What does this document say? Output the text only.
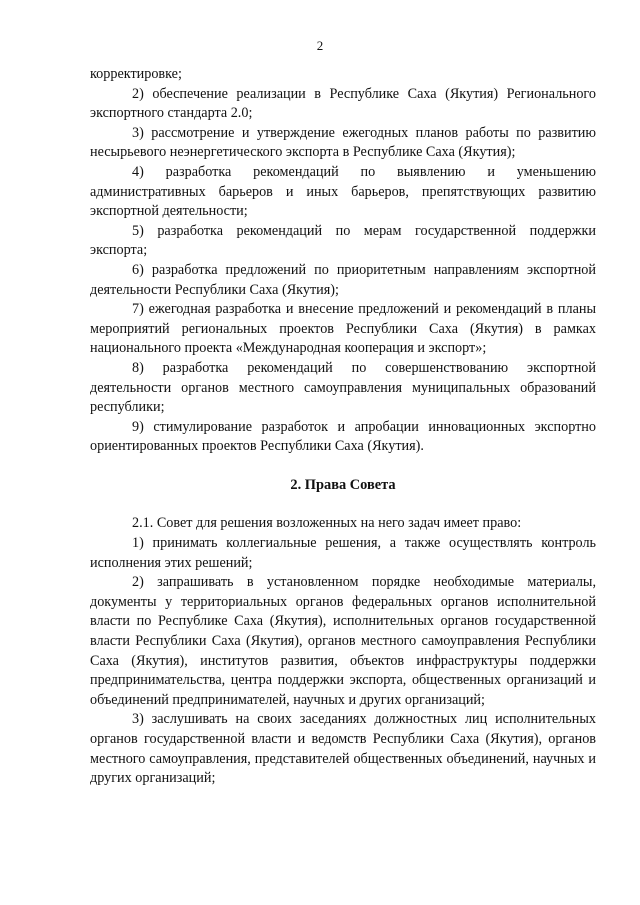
2

корректировке;

2) обеспечение реализации в Республике Саха (Якутия) Регионального экспортного стандарта 2.0;

3) рассмотрение и утверждение ежегодных планов работы по развитию несырьевого неэнергетического экспорта в Республике Саха (Якутия);

4) разработка рекомендаций по выявлению и уменьшению административных барьеров и иных барьеров, препятствующих развитию экспортной деятельности;

5) разработка рекомендаций по мерам государственной поддержки экспорта;

6) разработка предложений по приоритетным направлениям экспортной деятельности Республики Саха (Якутия);

7) ежегодная разработка и внесение предложений и рекомендаций в планы мероприятий региональных проектов Республики Саха (Якутия) в рамках национального проекта «Международная кооперация и экспорт»;

8) разработка рекомендаций по совершенствованию экспортной деятельности органов местного самоуправления муниципальных образований республики;

9) стимулирование разработок и апробации инновационных экспортно ориентированных проектов Республики Саха (Якутия).

2. Права Совета

2.1. Совет для решения возложенных на него задач имеет право:

1) принимать коллегиальные решения, а также осуществлять контроль исполнения этих решений;

2) запрашивать в установленном порядке необходимые материалы, документы у территориальных органов федеральных органов исполнительной власти по Республике Саха (Якутия), исполнительных органов государственной власти Республики Саха (Якутия), органов местного самоуправления Республики Саха (Якутия), институтов развития, объектов инфраструктуры поддержки предпринимательства, центра поддержки экспорта, общественных организаций и объединений предпринимателей, научных и других организаций;

3) заслушивать на своих заседаниях должностных лиц исполнительных органов государственной власти и ведомств Республики Саха (Якутия), органов местного самоуправления, представителей общественных объединений, научных и других организаций;
